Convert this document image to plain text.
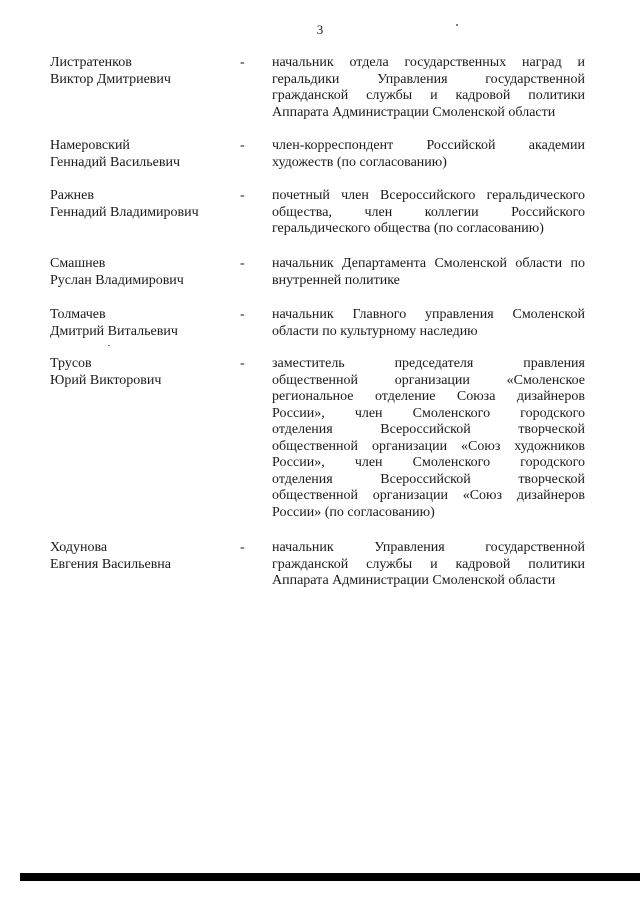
3
Листратенков
Виктор Дмитриевич
- начальник отдела государственных наград и
геральдики Управления государственной
гражданской службы и кадровой политики
Аппарата Администрации Смоленской области
Намеровский
Геннадий Васильевич
- член-корреспондент Российской академии
художеств (по согласованию)
Ражнев
Геннадий Владимирович
- почетный член Всероссийского геральдического
общества, член коллегии Российского
геральдического общества (по согласованию)
Смашнев
Руслан Владимирович
- начальник Департамента Смоленской области по
внутренней политике
Толмачев
Дмитрий Витальевич
- начальник Главного управления Смоленской
области по культурному наследию
Трусов
Юрий Викторович
- заместитель председателя правления
общественной организации «Смоленское
региональное отделение Союза дизайнеров
России», член Смоленского городского
отделения Всероссийской творческой
общественной организации «Союз художников
России», член Смоленского городского
отделения Всероссийской творческой
общественной организации «Союз дизайнеров
России» (по согласованию)
Ходунова
Евгения Васильевна
- начальник Управления государственной
гражданской службы и кадровой политики
Аппарата Администрации Смоленской области
